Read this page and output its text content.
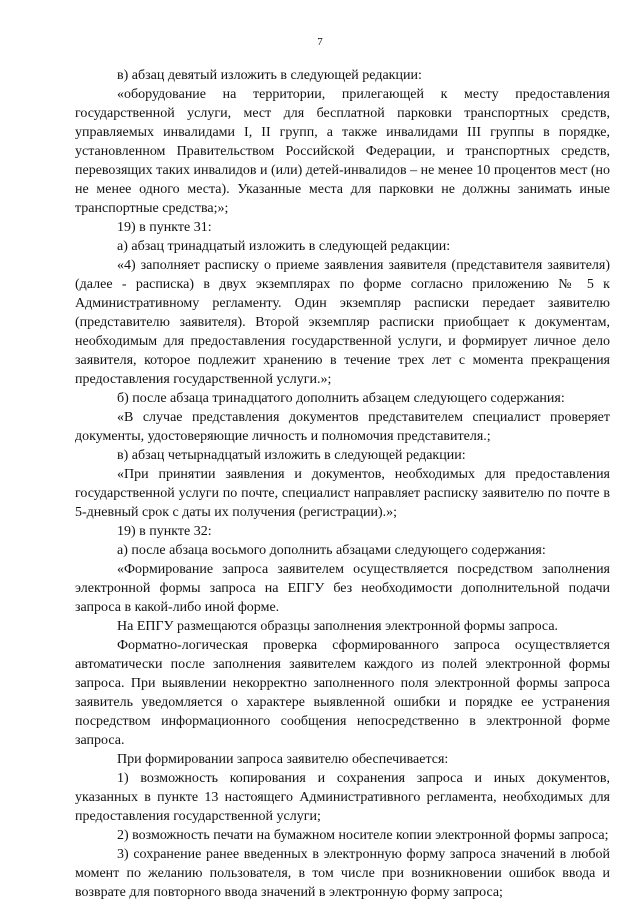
7

в) абзац девятый изложить в следующей редакции:

«оборудование на территории, прилегающей к месту предоставления государственной услуги, мест для бесплатной парковки транспортных средств, управляемых инвалидами I, II групп, а также инвалидами III группы в порядке, установленном Правительством Российской Федерации, и транспортных средств, перевозящих таких инвалидов и (или) детей-инвалидов – не менее 10 процентов мест (но не менее одного места). Указанные места для парковки не должны занимать иные транспортные средства;»;

19) в пункте 31:

а) абзац тринадцатый изложить в следующей редакции:

«4) заполняет расписку о приеме заявления заявителя (представителя заявителя) (далее - расписка) в двух экземплярах по форме согласно приложению № 5 к Административному регламенту. Один экземпляр расписки передает заявителю (представителю заявителя). Второй экземпляр расписки приобщает к документам, необходимым для предоставления государственной услуги, и формирует личное дело заявителя, которое подлежит хранению в течение трех лет с момента прекращения предоставления государственной услуги.»;

б) после абзаца тринадцатого дополнить абзацем следующего содержания:

«В случае представления документов представителем специалист проверяет документы, удостоверяющие личность и полномочия представителя.;

в) абзац четырнадцатый изложить в следующей редакции:

«При принятии заявления и документов, необходимых для предоставления государственной услуги по почте, специалист направляет расписку заявителю по почте в 5-дневный срок с даты их получения (регистрации).»;

19) в пункте 32:

а) после абзаца восьмого дополнить абзацами следующего содержания:

«Формирование запроса заявителем осуществляется посредством заполнения электронной формы запроса на ЕПГУ без необходимости дополнительной подачи запроса в какой-либо иной форме.

На ЕПГУ размещаются образцы заполнения электронной формы запроса.

Форматно-логическая проверка сформированного запроса осуществляется автоматически после заполнения заявителем каждого из полей электронной формы запроса. При выявлении некорректно заполненного поля электронной формы запроса заявитель уведомляется о характере выявленной ошибки и порядке ее устранения посредством информационного сообщения непосредственно в электронной форме запроса.

При формировании запроса заявителю обеспечивается:

1) возможность копирования и сохранения запроса и иных документов, указанных в пункте 13 настоящего Административного регламента, необходимых для предоставления государственной услуги;

2) возможность печати на бумажном носителе копии электронной формы запроса;

3) сохранение ранее введенных в электронную форму запроса значений в любой момент по желанию пользователя, в том числе при возникновении ошибок ввода и возврате для повторного ввода значений в электронную форму запроса;
